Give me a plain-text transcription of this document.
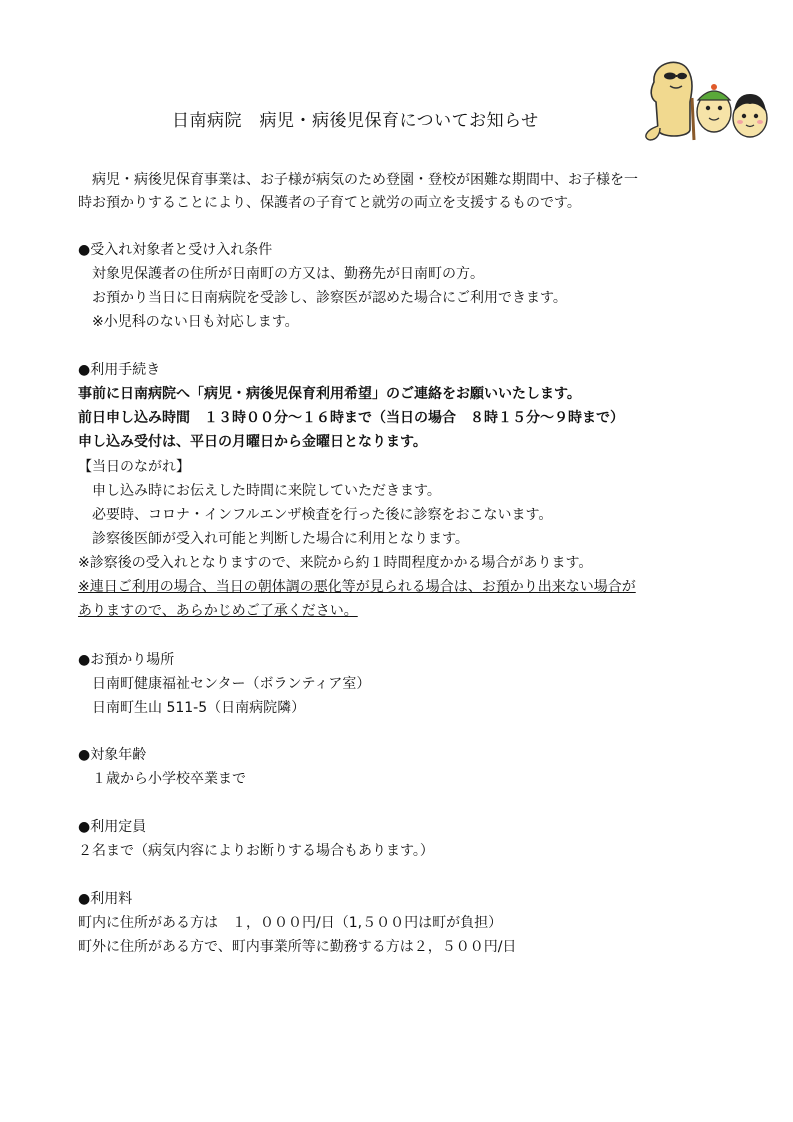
日南病院　病児・病後児保育についてお知らせ
　病児・病後児保育事業は、お子様が病気のため登園・登校が困難な期間中、お子様を一
時お預かりすることにより、保護者の子育てと就労の両立を支援するものです。
●受入れ対象者と受け入れ条件
対象児保護者の住所が日南町の方又は、勤務先が日南町の方。
お預かり当日に日南病院を受診し、診察医が認めた場合にご利用できます。
※小児科のない日も対応します。
●利用手続き
事前に日南病院へ「病児・病後児保育利用希望」のご連絡をお願いいたします。
前日申し込み時間　１３時００分～１６時まで（当日の場合　８時１５分～９時まで）
申し込み受付は、平日の月曜日から金曜日となります。
【当日のながれ】
申し込み時にお伝えした時間に来院していただきます。
必要時、コロナ・インフルエンザ検査を行った後に診察をおこないます。
診察後医師が受入れ可能と判断した場合に利用となります。
※診察後の受入れとなりますので、来院から約１時間程度かかる場合があります。
※連日ご利用の場合、当日の朝体調の悪化等が見られる場合は、お預かり出来ない場合が
ありますので、あらかじめご了承ください。
●お預かり場所
日南町健康福祉センター（ボランティア室）
日南町生山 511-5（日南病院隣）
●対象年齢
１歳から小学校卒業まで
●利用定員
２名まで（病気内容によりお断りする場合もあります。）
●利用料
町内に住所がある方は　１，０００円/日（1,５００円は町が負担）
町外に住所がある方で、町内事業所等に勤務する方は２，５００円/日
